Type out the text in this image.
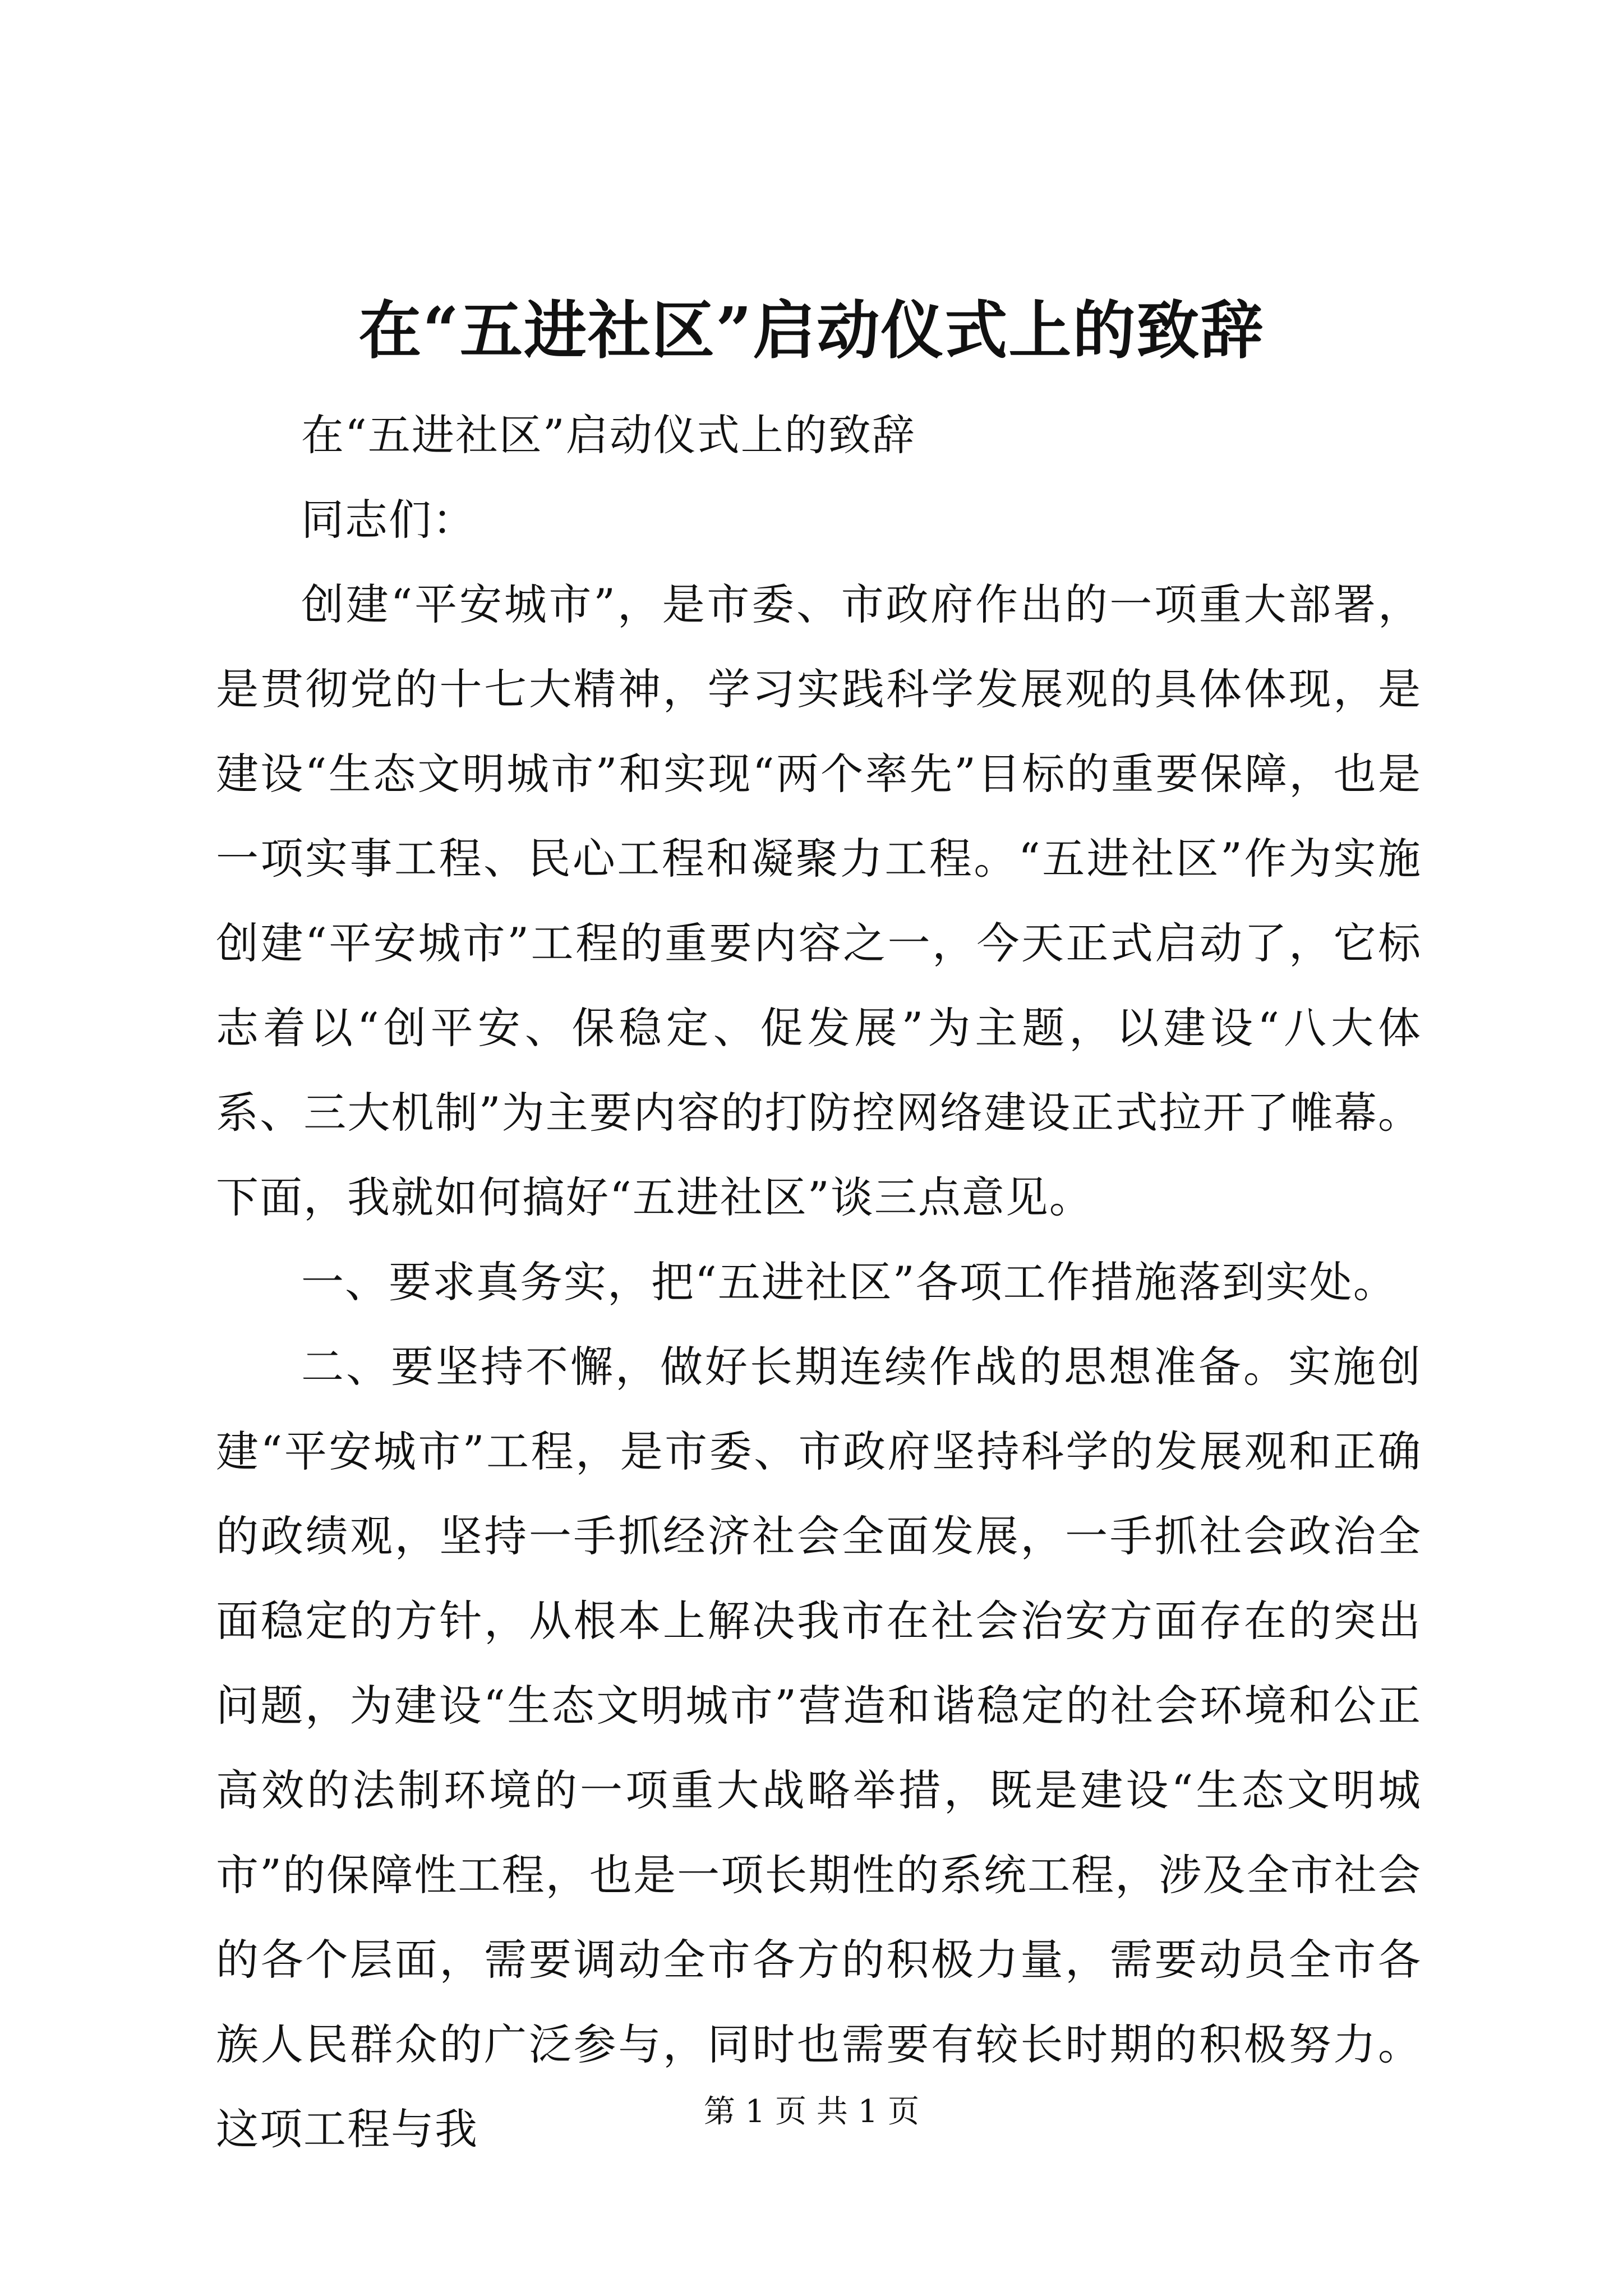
在“五进社区”启动仪式上的致辞

在“五进社区”启动仪式上的致辞

同志们：

创建“平安城市”，是市委、市政府作出的一项重大部署，是贯彻党的十七大精神，学习实践科学发展观的具体体现，是建设“生态文明城市”和实现“两个率先”目标的重要保障，也是一项实事工程、民心工程和凝聚力工程。“五进社区”作为实施创建“平安城市”工程的重要内容之一，今天正式启动了，它标志着以“创平安、保稳定、促发展”为主题，以建设“八大体系、三大机制”为主要内容的打防控网络建设正式拉开了帷幕。下面，我就如何搞好“五进社区”谈三点意见。

一、要求真务实，把“五进社区”各项工作措施落到实处。

二、要坚持不懈，做好长期连续作战的思想准备。实施创建“平安城市”工程，是市委、市政府坚持科学的发展观和正确的政绩观，坚持一手抓经济社会全面发展，一手抓社会政治全面稳定的方针，从根本上解决我市在社会治安方面存在的突出问题，为建设“生态文明城市”营造和谐稳定的社会环境和公正高效的法制环境的一项重大战略举措，既是建设“生态文明城市”的保障性工程，也是一项长期性的系统工程，涉及全市社会的各个层面，需要调动全市各方的积极力量，需要动员全市各族人民群众的广泛参与，同时也需要有较长时期的积极努力。这项工程与我	第 1 页 共 1 页
